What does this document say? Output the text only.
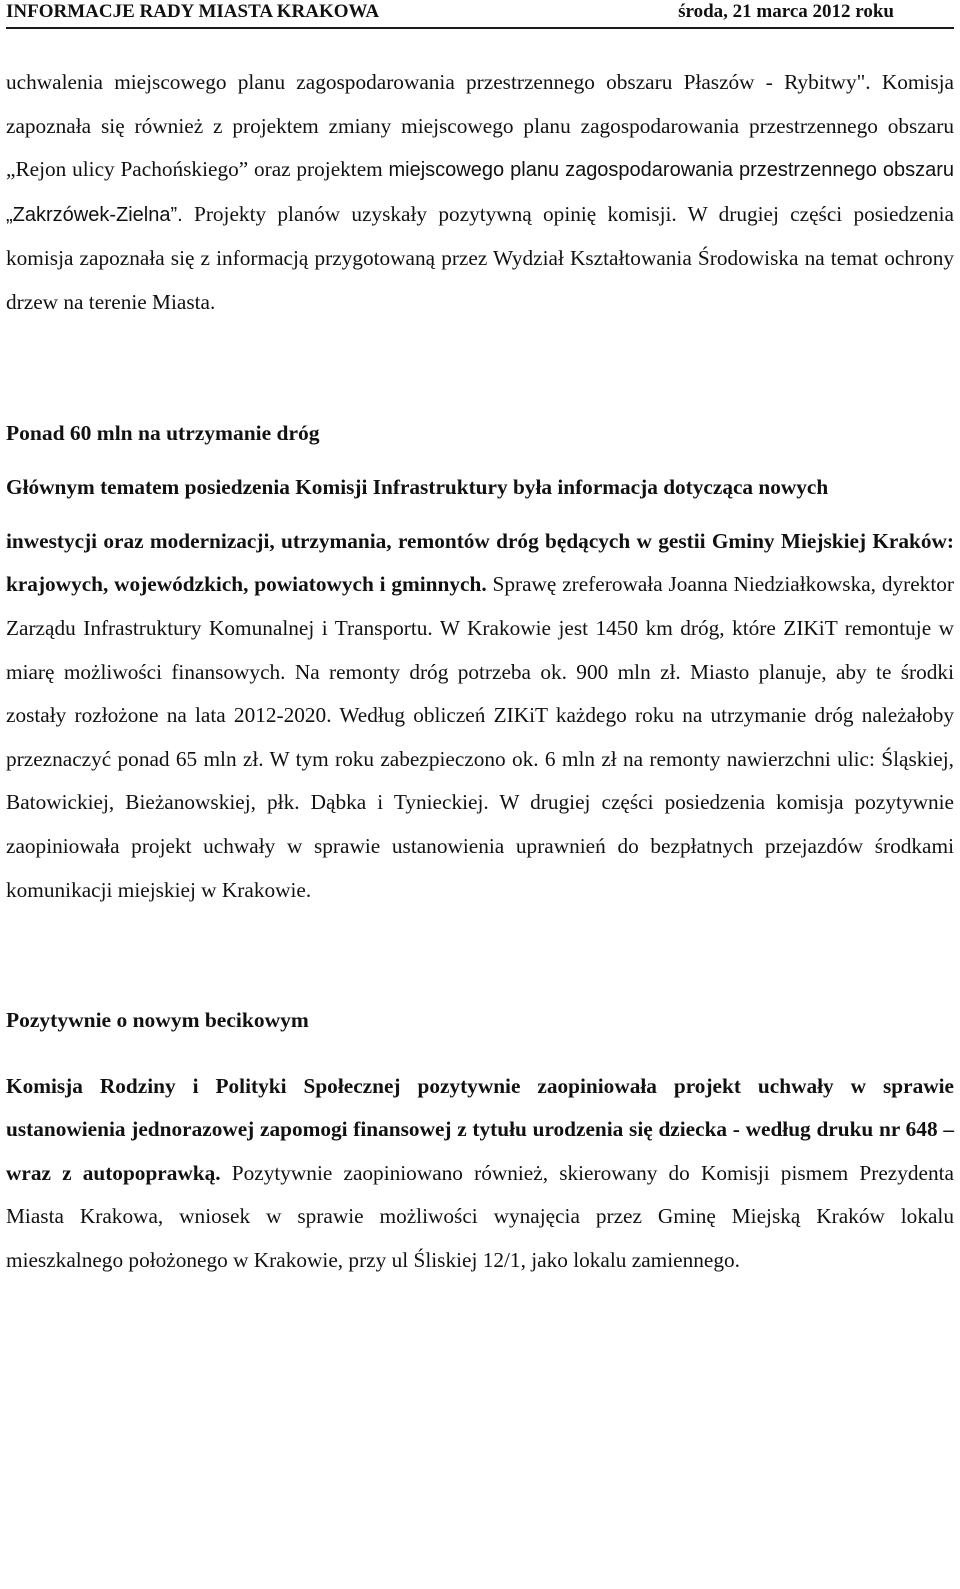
INFORMACJE RADY MIASTA KRAKOWA	środa, 21 marca 2012 roku

uchwalenia miejscowego planu zagospodarowania przestrzennego obszaru Płaszów - Rybitwy". Komisja zapoznała się również z projektem zmiany miejscowego planu zagospodarowania przestrzennego obszaru „Rejon ulicy Pachońskiego” oraz projektem miejscowego planu zagospodarowania przestrzennego obszaru „Zakrzówek-Zielna”. Projekty planów uzyskały pozytywną opinię komisji. W drugiej części posiedzenia komisja zapoznała się z informacją przygotowaną przez Wydział Kształtowania Środowiska na temat ochrony drzew na terenie Miasta.

Ponad 60 mln na utrzymanie dróg

Głównym tematem posiedzenia Komisji Infrastruktury była informacja dotycząca nowych

inwestycji oraz modernizacji, utrzymania, remontów dróg będących w gestii Gminy Miejskiej Kraków: krajowych, wojewódzkich, powiatowych i gminnych. Sprawę zreferowała Joanna Niedziałkowska, dyrektor Zarządu Infrastruktury Komunalnej i Transportu. W Krakowie jest 1450 km dróg, które ZIKiT remontuje w miarę możliwości finansowych. Na remonty dróg potrzeba ok. 900 mln zł. Miasto planuje, aby te środki zostały rozłożone na lata 2012-2020. Według obliczeń ZIKiT każdego roku na utrzymanie dróg należałoby przeznaczyć ponad 65 mln zł. W tym roku zabezpieczono ok. 6 mln zł na remonty nawierzchni ulic: Śląskiej, Batowickiej, Bieżanowskiej, płk. Dąbka i Tynieckiej. W drugiej części posiedzenia komisja pozytywnie zaopiniowała projekt uchwały w sprawie ustanowienia uprawnień do bezpłatnych przejazdów środkami komunikacji miejskiej w Krakowie.

Pozytywnie o nowym becikowym

Komisja Rodziny i Polityki Społecznej pozytywnie zaopiniowała projekt uchwały w sprawie ustanowienia jednorazowej zapomogi finansowej z tytułu urodzenia się dziecka - według druku nr 648 – wraz z autopoprawką. Pozytywnie zaopiniowano również, skierowany do Komisji pismem Prezydenta Miasta Krakowa, wniosek w sprawie możliwości wynajęcia przez Gminę Miejską Kraków lokalu mieszkalnego położonego w Krakowie, przy ul Śliskiej 12/1, jako lokalu zamiennego.
